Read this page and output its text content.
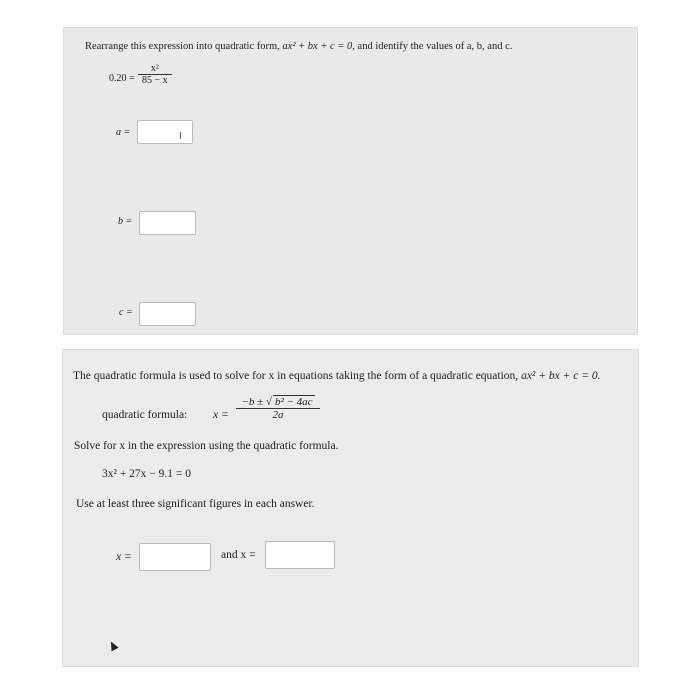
Rearrange this expression into quadratic form, ax² + bx + c = 0, and identify the values of a, b, and c.
$0.20 = \frac{\text{x²}}{85 - x}$
a =	I
b =
c =
The quadratic formula is used to solve for x in equations taking the form of a quadratic equation, ax² + bx + c = 0.
quadratic formula: $x = \frac{\text{−b ± √ b² − 4ac}}{2a}$
Solve for x in the expression using the quadratic formula.
3x² + 27x − 9.1 = 0
Use at least three significant figures in each answer.
x =	and x =
